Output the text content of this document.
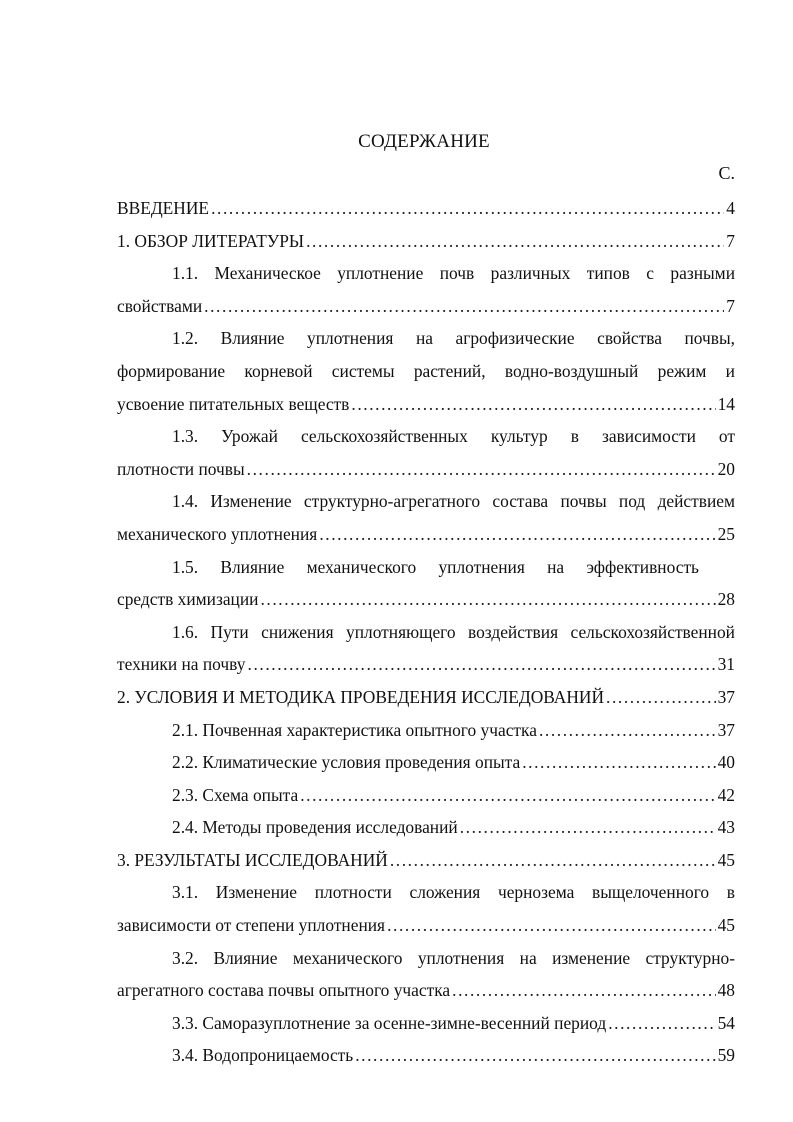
СОДЕРЖАНИЕ
С.
ВВЕДЕНИЕ .....	4
1. ОБЗОР ЛИТЕРАТУРЫ .....	7
1.1. Механическое уплотнение почв различных типов с разными
свойствами .....	7
1.2. Влияние уплотнения на агрофизические свойства почвы,
формирование корневой системы растений, водно-воздушный режим и
усвоение питательных веществ .....	14
1.3. Урожай сельскохозяйственных культур в зависимости от
плотности почвы .....	20
1.4. Изменение структурно-агрегатного состава почвы под действием
механического уплотнения .....	25
1.5. Влияние механического уплотнения на эффективность
средств химизации .....	28
1.6. Пути снижения уплотняющего воздействия сельскохозяйственной
техники на почву .....	31
2. УСЛОВИЯ И МЕТОДИКА ПРОВЕДЕНИЯ ИССЛЕДОВАНИЙ .....	37
2.1. Почвенная характеристика опытного участка .....	37
2.2. Климатические условия проведения опыта .....	40
2.3. Схема опыта .....	42
2.4. Методы проведения исследований .....	43
3. РЕЗУЛЬТАТЫ ИССЛЕДОВАНИЙ .....	45
3.1. Изменение плотности сложения чернозема выщелоченного в
зависимости от степени уплотнения .....	45
3.2. Влияние механического уплотнения на изменение структурно-
агрегатного состава почвы опытного участка .....	48
3.3. Саморазуплотнение за осенне-зимне-весенний период .....	54
3.4. Водопроницаемость .....	59
